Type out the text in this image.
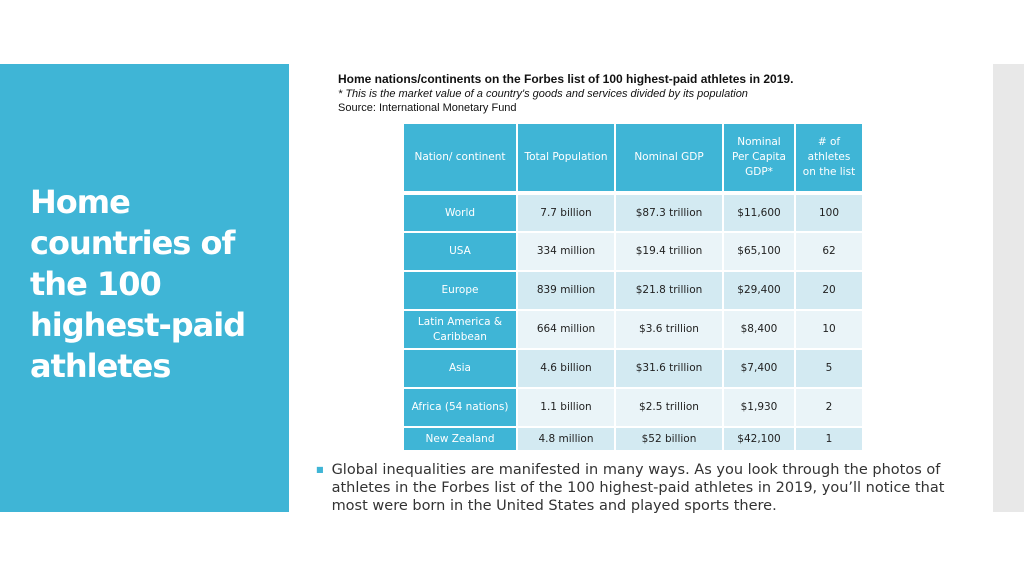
Home countries of the 100 highest-paid athletes
Home nations/continents on the Forbes list of 100 highest-paid athletes in 2019.
* This is the market value of a country's goods and services divided by its population
Source: International Monetary Fund
Nation/ continent	Total Population	Nominal GDP	Nominal Per Capita GDP*	# of athletes on the list
World	7.7 billion	$87.3 trillion	$11,600	100
USA	334 million	$19.4 trillion	$65,100	62
Europe	839 million	$21.8 trillion	$29,400	20
Latin America & Caribbean	664 million	$3.6 trillion	$8,400	10
Asia	4.6 billion	$31.6 trillion	$7,400	5
Africa (54 nations)	1.1 billion	$2.5 trillion	$1,930	2
New Zealand	4.8 million	$52 billion	$42,100	1
■ Global inequalities are manifested in many ways. As you look through the photos of athletes in the Forbes list of the 100 highest-paid athletes in 2019, you’ll notice that most were born in the United States and played sports there.
